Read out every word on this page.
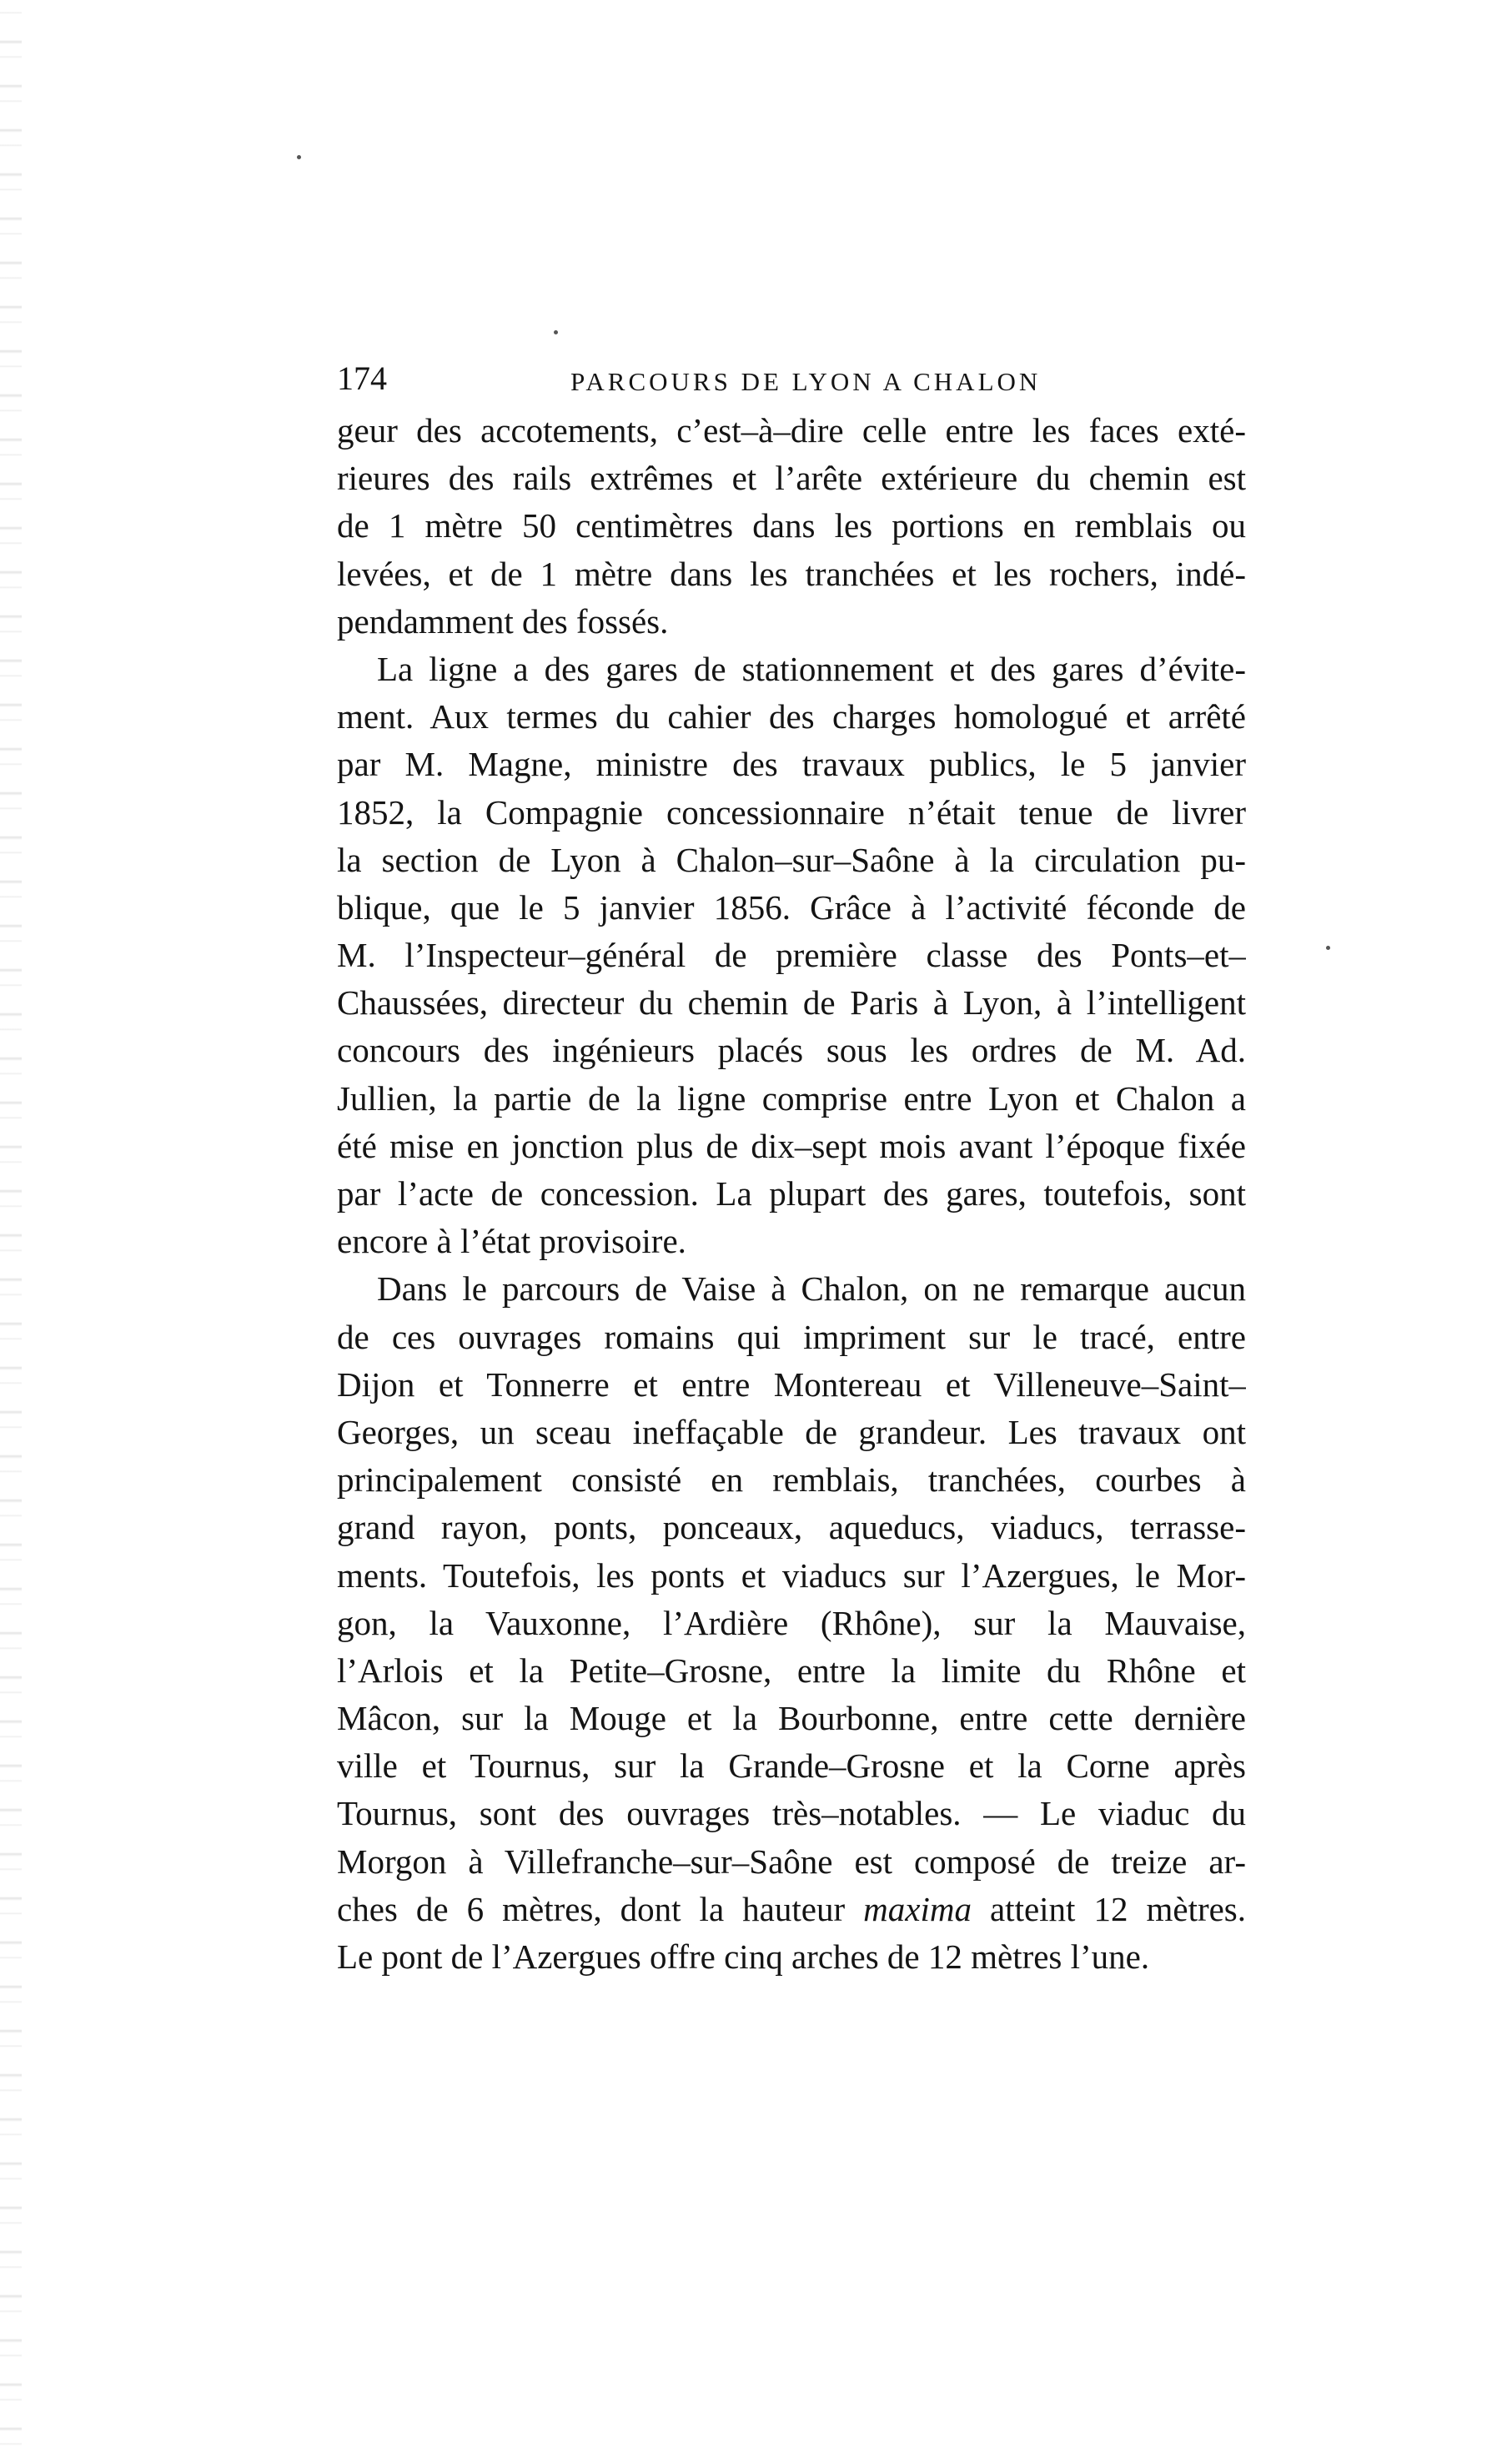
174	PARCOURS DE LYON A CHALON
geur des accotements, c’est–à–dire celle entre les faces exté-
rieures des rails extrêmes et l’arête extérieure du chemin est
de 1 mètre 50 centimètres dans les portions en remblais ou
levées, et de 1 mètre dans les tranchées et les rochers, indé-
pendamment des fossés.
La ligne a des gares de stationnement et des gares d’évite-
ment. Aux termes du cahier des charges homologué et arrêté
par M. Magne, ministre des travaux publics, le 5 janvier
1852, la Compagnie concessionnaire n’était tenue de livrer
la section de Lyon à Chalon–sur–Saône à la circulation pu-
blique, que le 5 janvier 1856. Grâce à l’activité féconde de
M. l’Inspecteur–général de première classe des Ponts–et–
Chaussées, directeur du chemin de Paris à Lyon, à l’intelligent
concours des ingénieurs placés sous les ordres de M. Ad.
Jullien, la partie de la ligne comprise entre Lyon et Chalon a
été mise en jonction plus de dix–sept mois avant l’époque fixée
par l’acte de concession. La plupart des gares, toutefois, sont
encore à l’état provisoire.
Dans le parcours de Vaise à Chalon, on ne remarque aucun
de ces ouvrages romains qui impriment sur le tracé, entre
Dijon et Tonnerre et entre Montereau et Villeneuve–Saint–
Georges, un sceau ineffaçable de grandeur. Les travaux ont
principalement consisté en remblais, tranchées, courbes à
grand rayon, ponts, ponceaux, aqueducs, viaducs, terrasse-
ments. Toutefois, les ponts et viaducs sur l’Azergues, le Mor-
gon, la Vauxonne, l’Ardière (Rhône), sur la Mauvaise,
l’Arlois et la Petite–Grosne, entre la limite du Rhône et
Mâcon, sur la Mouge et la Bourbonne, entre cette dernière
ville et Tournus, sur la Grande–Grosne et la Corne après
Tournus, sont des ouvrages très–notables. — Le viaduc du
Morgon à Villefranche–sur–Saône est composé de treize ar-
ches de 6 mètres, dont la hauteur maxima atteint 12 mètres.
Le pont de l’Azergues offre cinq arches de 12 mètres l’une.
